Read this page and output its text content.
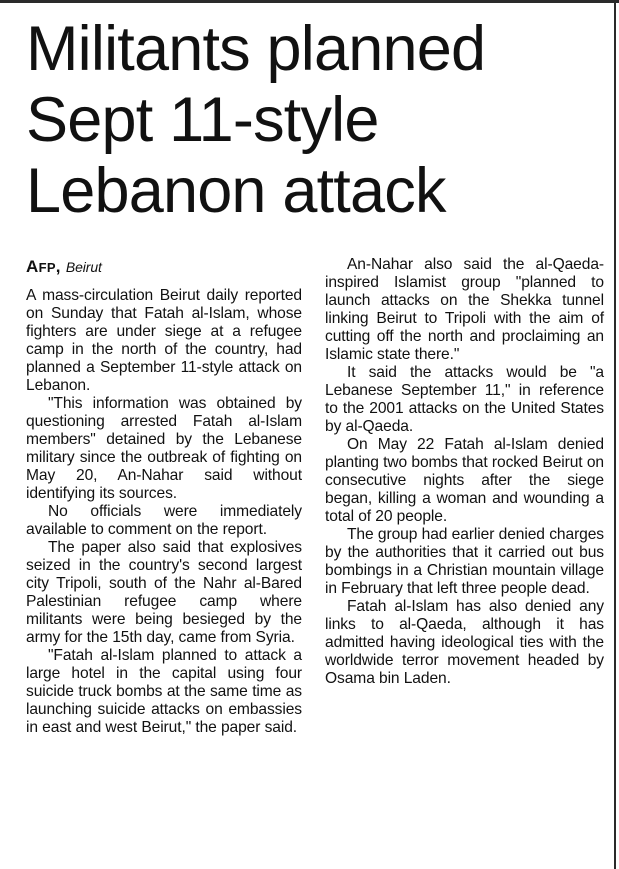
Militants planned Sept 11-style Lebanon attack
AFP, Beirut

A mass-circulation Beirut daily reported on Sunday that Fatah al-Islam, whose fighters are under siege at a refugee camp in the north of the country, had planned a September 11-style attack on Lebanon.

"This information was obtained by questioning arrested Fatah al-Islam members" detained by the Lebanese military since the outbreak of fighting on May 20, An-Nahar said without identifying its sources.

No officials were immediately available to comment on the report.

The paper also said that explosives seized in the country's second largest city Tripoli, south of the Nahr al-Bared Palestinian refugee camp where militants were being besieged by the army for the 15th day, came from Syria.

"Fatah al-Islam planned to attack a large hotel in the capital using four suicide truck bombs at the same time as launching suicide attacks on embassies in east and west Beirut," the paper said.

An-Nahar also said the al-Qaeda-inspired Islamist group "planned to launch attacks on the Shekka tunnel linking Beirut to Tripoli with the aim of cutting off the north and proclaiming an Islamic state there."

It said the attacks would be "a Lebanese September 11," in reference to the 2001 attacks on the United States by al-Qaeda.

On May 22 Fatah al-Islam denied planting two bombs that rocked Beirut on consecutive nights after the siege began, killing a woman and wounding a total of 20 people.

The group had earlier denied charges by the authorities that it carried out bus bombings in a Christian mountain village in February that left three people dead.

Fatah al-Islam has also denied any links to al-Qaeda, although it has admitted having ideological ties with the worldwide terror movement headed by Osama bin Laden.
